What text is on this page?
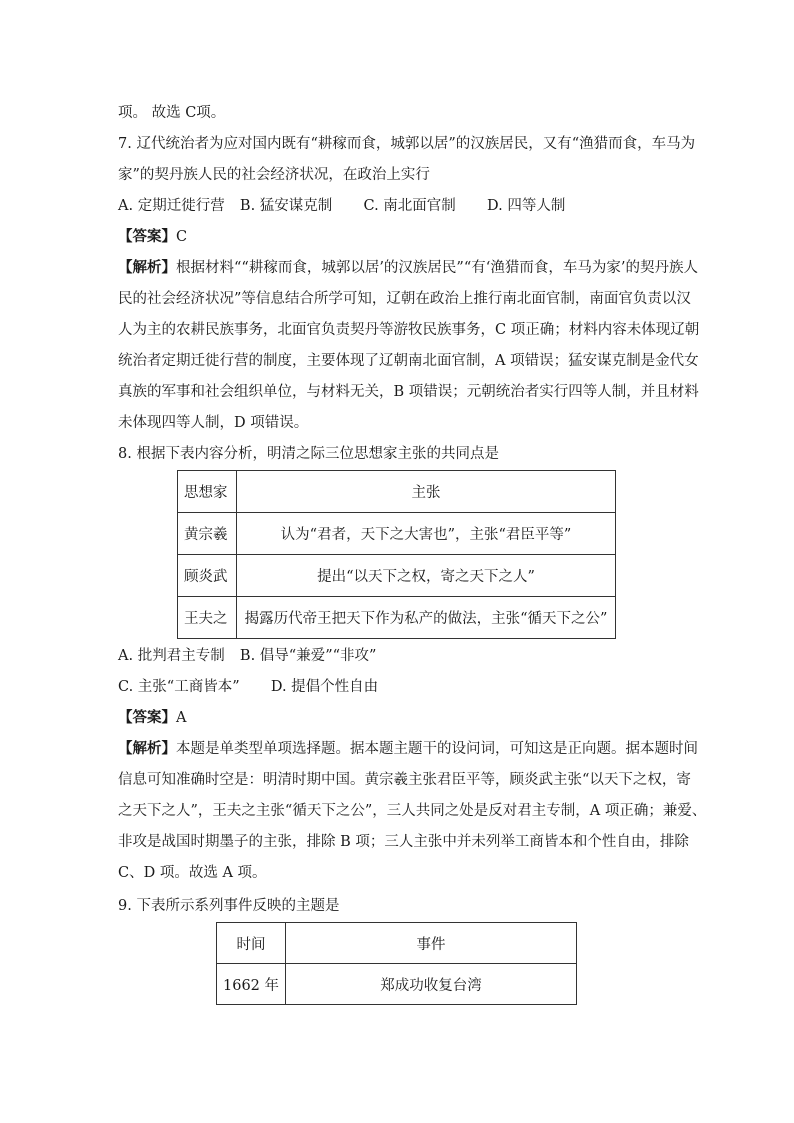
项。 故选 C项。
7. 辽代统治者为应对国内既有“耕稼而食，城郭以居”的汉族居民，又有“渔猎而食，车马为
家”的契丹族人民的社会经济状况，在政治上实行
A. 定期迁徙行营 B. 猛安谋克制 C. 南北面官制 D. 四等人制
【答案】C
【解析】根据材料““耕稼而食，城郭以居’的汉族居民”“有‘渔猎而食，车马为家’的契丹族人
民的社会经济状况”等信息结合所学可知，辽朝在政治上推行南北面官制，南面官负责以汉
人为主的农耕民族事务，北面官负责契丹等游牧民族事务，C 项正确；材料内容未体现辽朝
统治者定期迁徙行营的制度，主要体现了辽朝南北面官制，A 项错误；猛安谋克制是金代女
真族的军事和社会组织单位，与材料无关，B 项错误；元朝统治者实行四等人制，并且材料
未体现四等人制，D 项错误。
8. 根据下表内容分析，明清之际三位思想家主张的共同点是
思想家	主张
黄宗羲	认为“君者，天下之大害也”，主张“君臣平等”
顾炎武	提出“以天下之权，寄之天下之人”
王夫之	揭露历代帝王把天下作为私产的做法，主张“循天下之公”
A. 批判君主专制 B. 倡导“兼爱”“非攻”
C. 主张“工商皆本” D. 提倡个性自由
【答案】A
【解析】本题是单类型单项选择题。据本题主题干的设问词，可知这是正向题。据本题时间
信息可知准确时空是：明清时期中国。黄宗羲主张君臣平等，顾炎武主张“以天下之权，寄
之天下之人”，王夫之主张“循天下之公”，三人共同之处是反对君主专制，A 项正确；兼爱、
非攻是战国时期墨子的主张，排除 B 项；三人主张中并未列举工商皆本和个性自由，排除
C、D 项。故选 A 项。
9. 下表所示系列事件反映的主题是
时间	事件
1662 年	郑成功收复台湾
